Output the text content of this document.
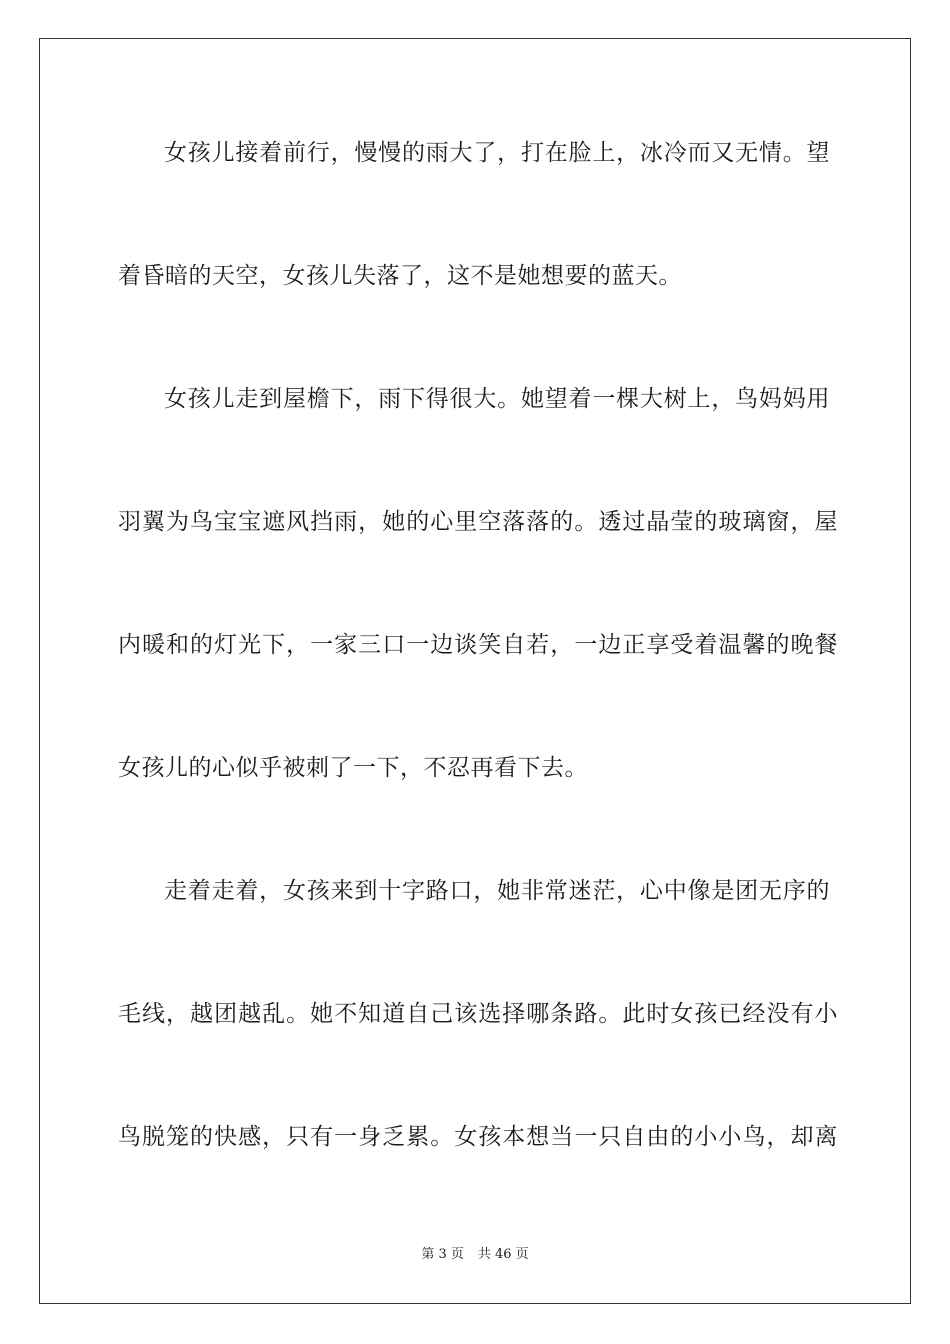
女孩儿接着前行，慢慢的雨大了，打在脸上，冰冷而又无情。望
着昏暗的天空，女孩儿失落了，这不是她想要的蓝天。
女孩儿走到屋檐下，雨下得很大。她望着一棵大树上，鸟妈妈用
羽翼为鸟宝宝遮风挡雨，她的心里空落落的。透过晶莹的玻璃窗，屋
内暖和的灯光下，一家三口一边谈笑自若，一边正享受着温馨的晚餐
女孩儿的心似乎被刺了一下，不忍再看下去。
走着走着，女孩来到十字路口，她非常迷茫，心中像是团无序的
毛线，越团越乱。她不知道自己该选择哪条路。此时女孩已经没有小
鸟脱笼的快感，只有一身乏累。女孩本想当一只自由的小小鸟，却离
第 3 页 共 46 页
